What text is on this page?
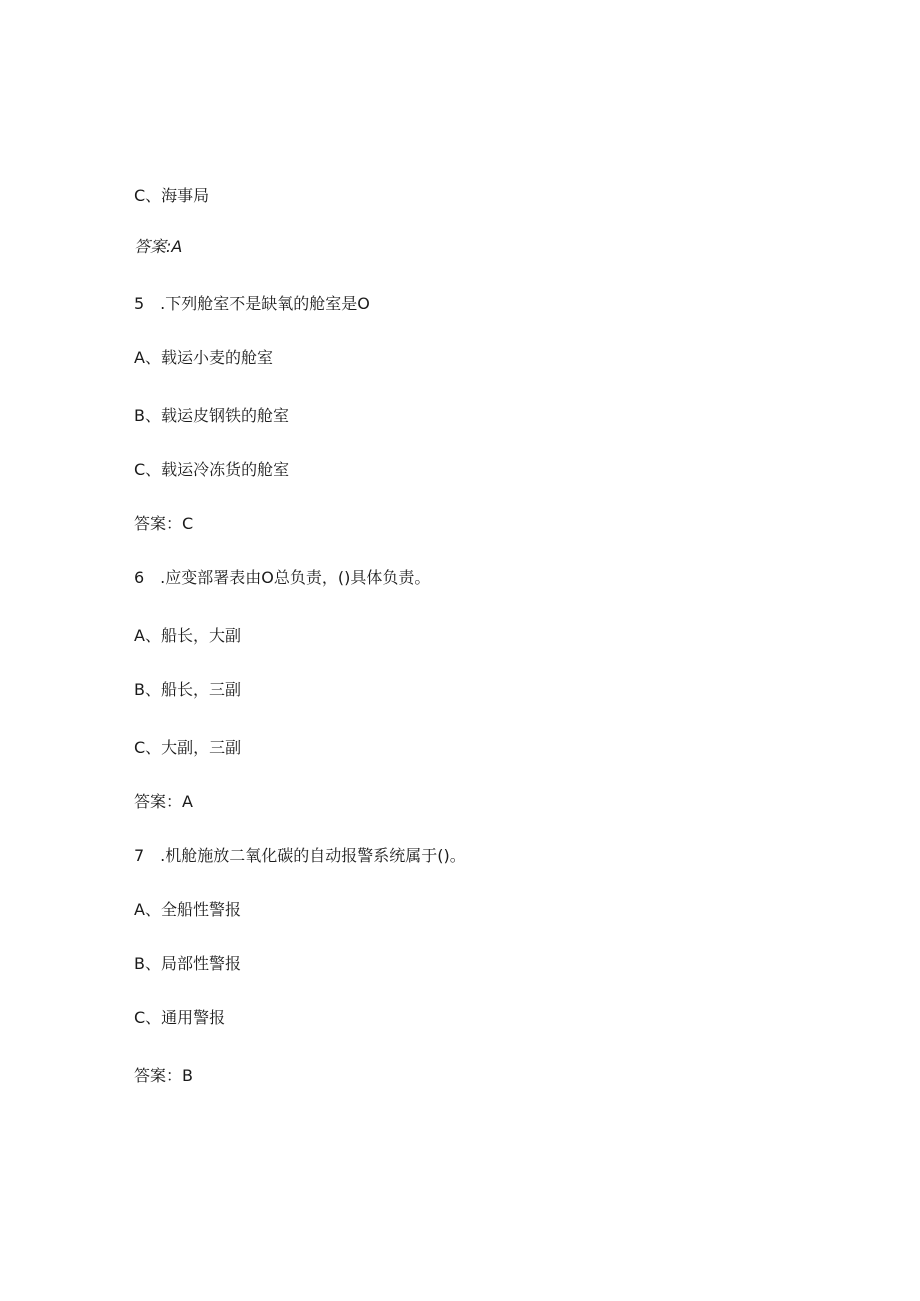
C、海事局
答案:A
5　.下列舱室不是缺氧的舱室是O
A、载运小麦的舱室
B、载运皮钢铁的舱室
C、载运冷冻货的舱室
答案：C
6　.应变部署表由O总负责，()具体负责。
A、船长，大副
B、船长，三副
C、大副，三副
答案：A
7　.机舱施放二氧化碳的自动报警系统属于()。
A、全船性警报
B、局部性警报
C、通用警报
答案：B
